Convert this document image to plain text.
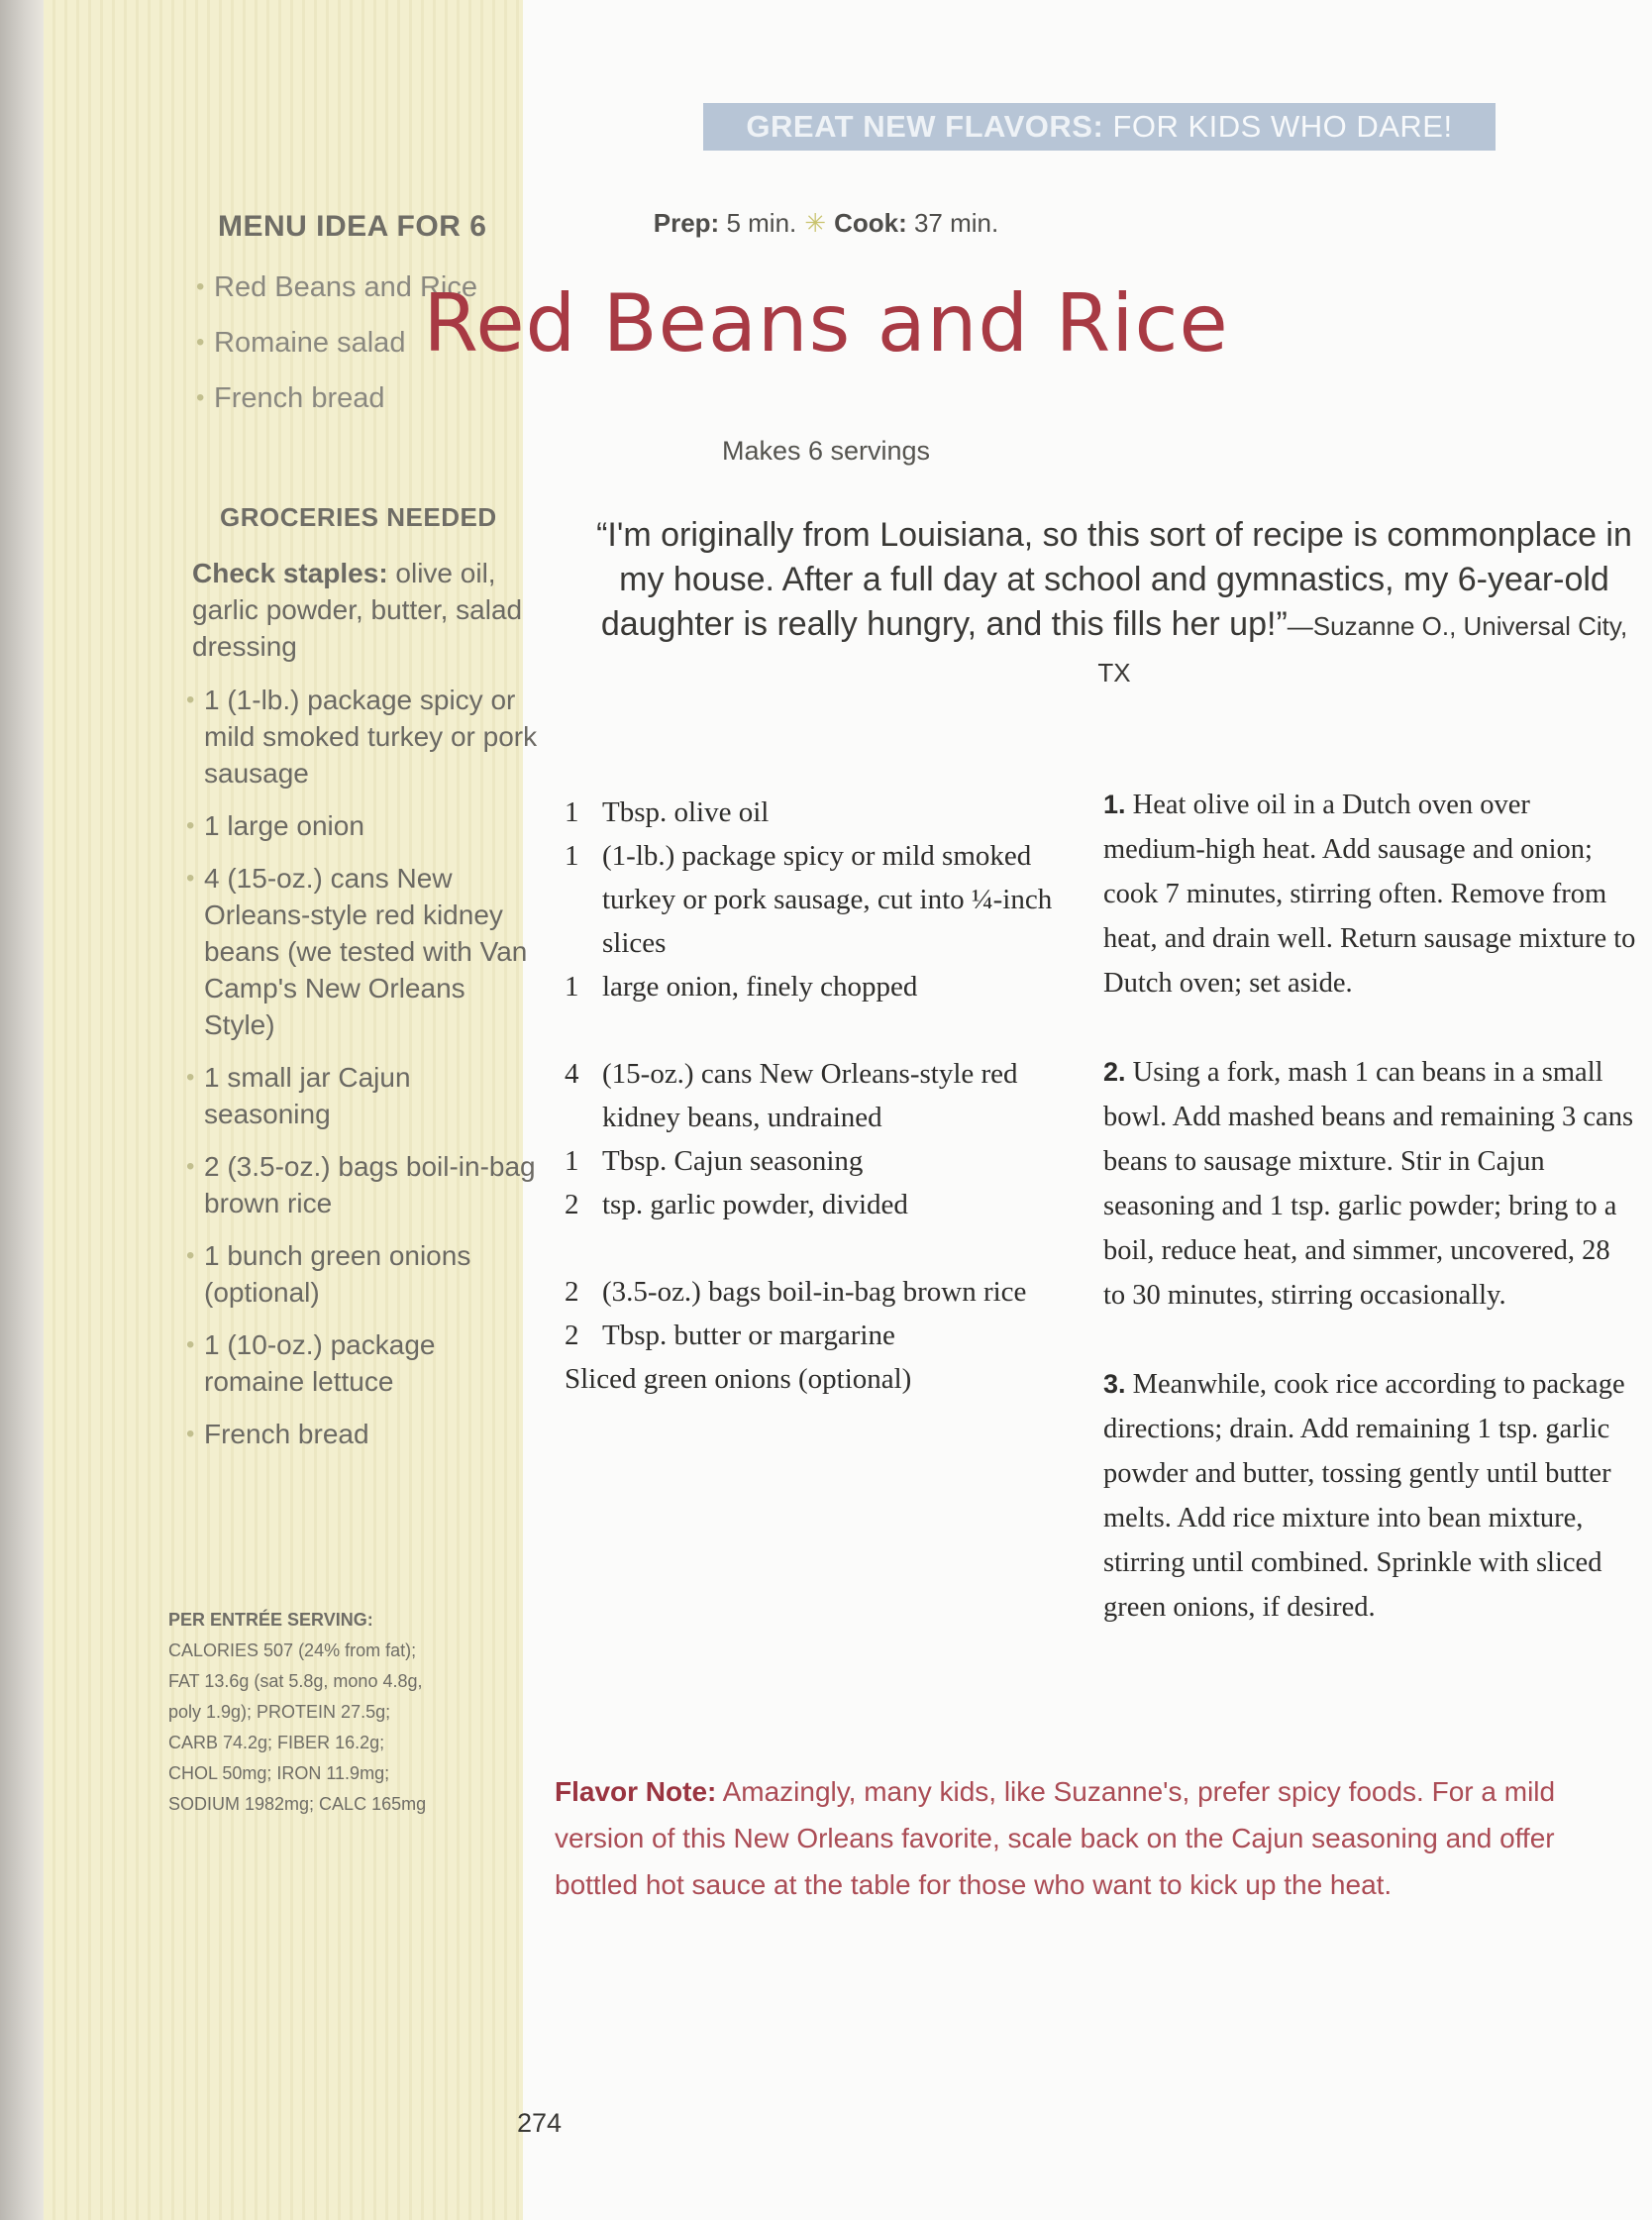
MENU IDEA FOR 6
• Red Beans and Rice
• Romaine salad
• French bread
GROCERIES NEEDED
Check staples: olive oil, garlic powder, butter, salad dressing
• 1 (1-lb.) package spicy or mild smoked turkey or pork sausage
• 1 large onion
• 4 (15-oz.) cans New Orleans-style red kidney beans (we tested with Van Camp's New Orleans Style)
• 1 small jar Cajun seasoning
• 2 (3.5-oz.) bags boil-in-bag brown rice
• 1 bunch green onions (optional)
• 1 (10-oz.) package romaine lettuce
• French bread
PER ENTRÉE SERVING:
CALORIES 507 (24% from fat);
FAT 13.6g (sat 5.8g, mono 4.8g,
poly 1.9g); PROTEIN 27.5g;
CARB 74.2g; FIBER 16.2g;
CHOL 50mg; IRON 11.9mg;
SODIUM 1982mg; CALC 165mg
GREAT NEW FLAVORS: FOR KIDS WHO DARE!
Prep: 5 min. ✳ Cook: 37 min.
Red Beans and Rice
Makes 6 servings
“I'm originally from Louisiana, so this sort of recipe is commonplace in my house. After a full day at school and gymnastics, my 6-year-old daughter is really hungry, and this fills her up!”—Suzanne O., Universal City, TX
1 Tbsp. olive oil
1 (1-lb.) package spicy or mild smoked turkey or pork sausage, cut into ¼-inch slices
1 large onion, finely chopped
4 (15-oz.) cans New Orleans-style red kidney beans, undrained
1 Tbsp. Cajun seasoning
2 tsp. garlic powder, divided
2 (3.5-oz.) bags boil-in-bag brown rice
2 Tbsp. butter or margarine
Sliced green onions (optional)

1. Heat olive oil in a Dutch oven over medium-high heat. Add sausage and onion; cook 7 minutes, stirring often. Remove from heat, and drain well. Return sausage mixture to Dutch oven; set aside.

2. Using a fork, mash 1 can beans in a small bowl. Add mashed beans and remaining 3 cans beans to sausage mixture. Stir in Cajun seasoning and 1 tsp. garlic powder; bring to a boil, reduce heat, and simmer, uncovered, 28 to 30 minutes, stirring occasionally.

3. Meanwhile, cook rice according to package directions; drain. Add remaining 1 tsp. garlic powder and butter, tossing gently until butter melts. Add rice mixture into bean mixture, stirring until combined. Sprinkle with sliced green onions, if desired.

Flavor Note: Amazingly, many kids, like Suzanne's, prefer spicy foods. For a mild version of this New Orleans favorite, scale back on the Cajun seasoning and offer bottled hot sauce at the table for those who want to kick up the heat.
274
